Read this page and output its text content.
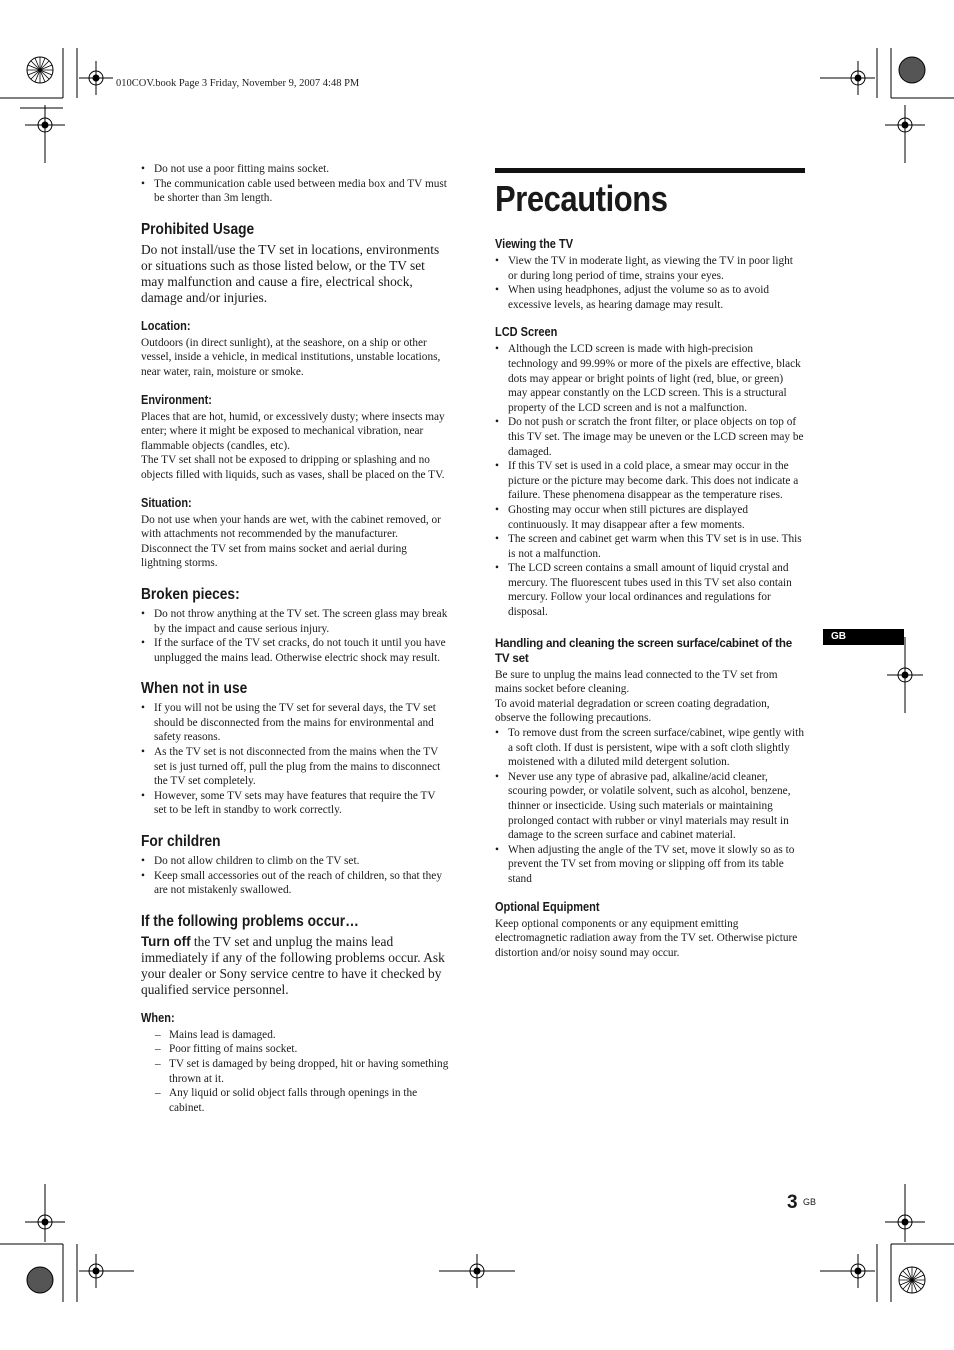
010COV.book Page 3 Friday, November 9, 2007 4:48 PM
• Do not use a poor fitting mains socket.
• The communication cable used between media box and TV must be shorter than 3m length.
Prohibited Usage

Do not install/use the TV set in locations, environments or situations such as those listed below, or the TV set may malfunction and cause a fire, electrical shock, damage and/or injuries.

Location:

Outdoors (in direct sunlight), at the seashore, on a ship or other vessel, inside a vehicle, in medical institutions, unstable locations, near water, rain, moisture or smoke.

Environment:

Places that are hot, humid, or excessively dusty; where insects may enter; where it might be exposed to mechanical vibration, near flammable objects (candles, etc).

The TV set shall not be exposed to dripping or splashing and no objects filled with liquids, such as vases, shall be placed on the TV.

Situation:

Do not use when your hands are wet, with the cabinet removed, or with attachments not recommended by the manufacturer. Disconnect the TV set from mains socket and aerial during lightning storms.

Broken pieces:
• Do not throw anything at the TV set. The screen glass may break by the impact and cause serious injury.
• If the surface of the TV set cracks, do not touch it until you have unplugged the mains lead. Otherwise electric shock may result.
When not in use
• If you will not be using the TV set for several days, the TV set should be disconnected from the mains for environmental and safety reasons.
• As the TV set is not disconnected from the mains when the TV set is just turned off, pull the plug from the mains to disconnect the TV set completely.
• However, some TV sets may have features that require the TV set to be left in standby to work correctly.
For children
• Do not allow children to climb on the TV set.
• Keep small accessories out of the reach of children, so that they are not mistakenly swallowed.
If the following problems occur…

Turn off the TV set and unplug the mains lead immediately if any of the following problems occur. Ask your dealer or Sony service centre to have it checked by qualified service personnel.

When:
– Mains lead is damaged.
– Poor fitting of mains socket.
– TV set is damaged by being dropped, hit or having something thrown at it.
– Any liquid or solid object falls through openings in the cabinet.
Precautions
Viewing the TV
• View the TV in moderate light, as viewing the TV in poor light or during long period of time, strains your eyes.
• When using headphones, adjust the volume so as to avoid excessive levels, as hearing damage may result.
LCD Screen
• Although the LCD screen is made with high-precision technology and 99.99% or more of the pixels are effective, black dots may appear or bright points of light (red, blue, or green) may appear constantly on the LCD screen. This is a structural property of the LCD screen and is not a malfunction.
• Do not push or scratch the front filter, or place objects on top of this TV set. The image may be uneven or the LCD screen may be damaged.
• If this TV set is used in a cold place, a smear may occur in the picture or the picture may become dark. This does not indicate a failure. These phenomena disappear as the temperature rises.
• Ghosting may occur when still pictures are displayed continuously. It may disappear after a few moments.
• The screen and cabinet get warm when this TV set is in use. This is not a malfunction.
• The LCD screen contains a small amount of liquid crystal and mercury. The fluorescent tubes used in this TV set also contain mercury. Follow your local ordinances and regulations for disposal.
Handling and cleaning the screen surface/cabinet of the TV set

Be sure to unplug the mains lead connected to the TV set from mains socket before cleaning.

To avoid material degradation or screen coating degradation, observe the following precautions.

• To remove dust from the screen surface/cabinet, wipe gently with a soft cloth. If dust is persistent, wipe with a soft cloth slightly moistened with a diluted mild detergent solution.
• Never use any type of abrasive pad, alkaline/acid cleaner, scouring powder, or volatile solvent, such as alcohol, benzene, thinner or insecticide. Using such materials or maintaining prolonged contact with rubber or vinyl materials may result in damage to the screen surface and cabinet material.
• When adjusting the angle of the TV set, move it slowly so as to prevent the TV set from moving or slipping off from its table stand
Optional Equipment

Keep optional components or any equipment emitting electromagnetic radiation away from the TV set. Otherwise picture distortion and/or noisy sound may occur.

GB
3 GB
